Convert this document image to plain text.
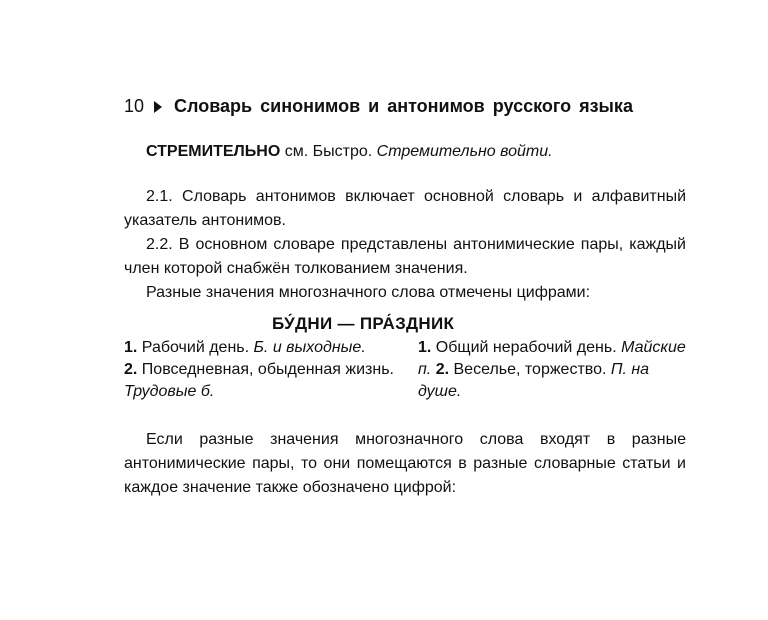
10 Словарь синонимов и антонимов русского языка
СТРЕМИТЕЛЬНО см. Быстро. Стремительно войти.

2.1. Словарь антонимов включает основной словарь и алфавитный указатель антонимов.

2.2. В основном словаре представлены антонимические пары, каждый член которой снабжён толкованием значения.

Разные значения многозначного слова отмечены цифрами:

БУ́ДНИ — ПРА́ЗДНИК
1. Рабочий день. Б. и выходные.
2. Повседневная, обыденная жизнь. Трудовые б.
1. Общий нерабочий день. Майские п. 2. Веселье, торжество. П. на душе.

Если разные значения многозначного слова входят в разные антонимические пары, то они помещаются в разные словарные статьи и каждое значение также обозначено цифрой:
